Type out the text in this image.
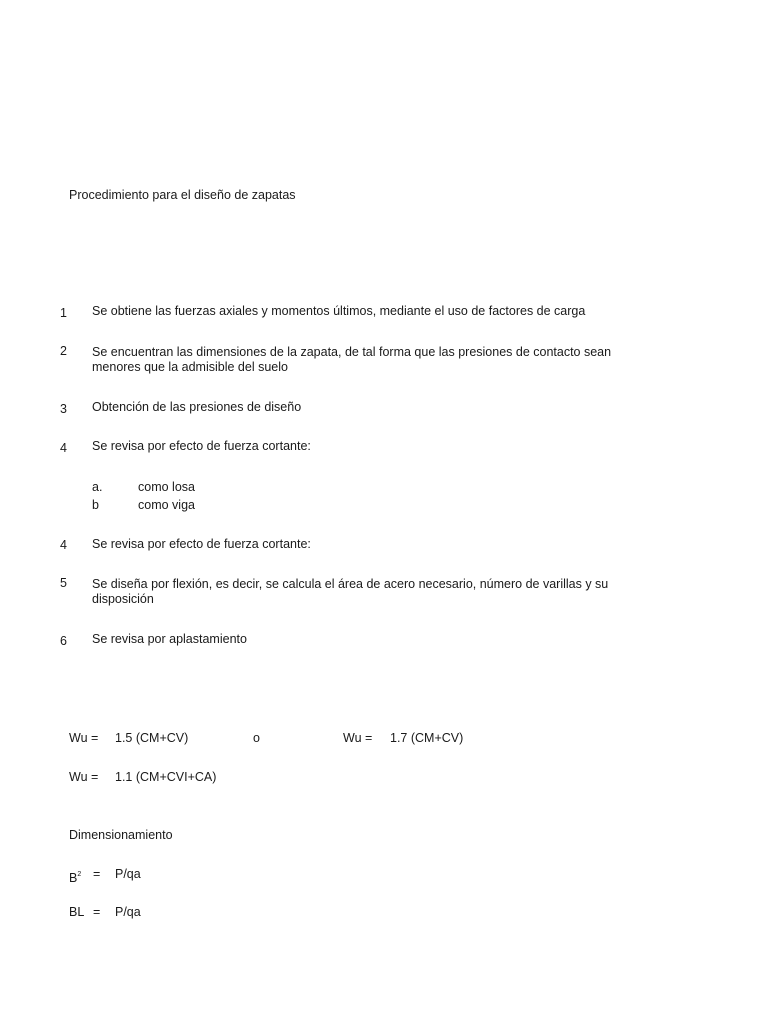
Procedimiento para el diseño de zapatas
1 Se obtiene las fuerzas axiales y momentos últimos, mediante el uso de factores de carga
2 Se encuentran las dimensiones de la zapata, de tal forma que las presiones de contacto sean menores que la admisible del suelo
3 Obtención de las presiones de diseño
4 Se revisa por efecto de fuerza cortante:
a.	como losa
b	como viga
4 Se revisa por efecto de fuerza cortante:
5 Se diseña por flexión, es decir, se calcula el área de acero necesario, número de varillas y su disposición
6 Se revisa por aplastamiento
Wu = 1.5 (CM+CV)	o	Wu = 1.7 (CM+CV)
Wu = 1.1 (CM+CVI+CA)
Dimensionamiento
$B^2 = P/qa$
BL = P/qa
